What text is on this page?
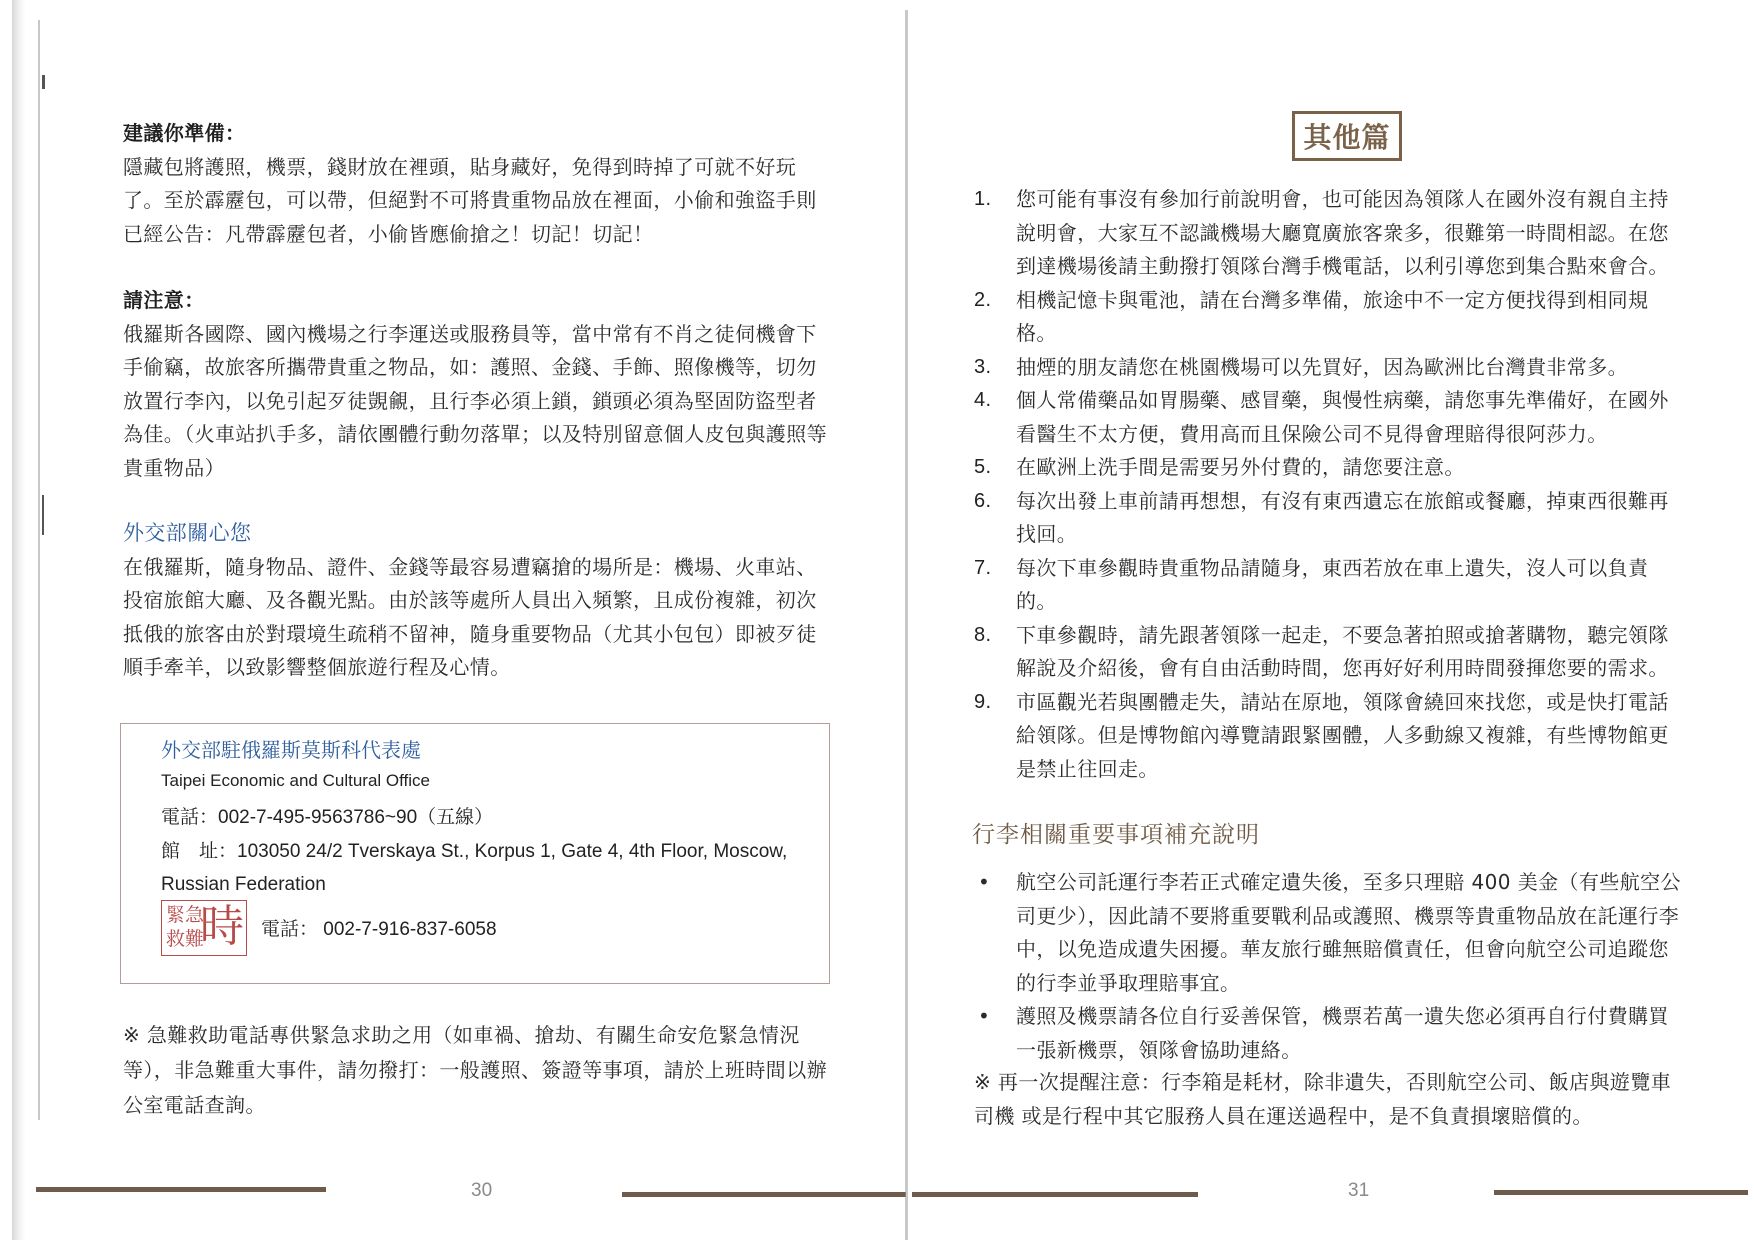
建議你準備：

隱藏包將護照，機票，錢財放在裡頭，貼身藏好，免得到時掉了可就不好玩了。至於霹靂包，可以帶，但絕對不可將貴重物品放在裡面，小偷和強盜手則已經公告：凡帶霹靂包者，小偷皆應偷搶之！切記！切記！

請注意：

俄羅斯各國際、國內機場之行李運送或服務員等，當中常有不肖之徒伺機會下手偷竊，故旅客所攜帶貴重之物品，如：護照、金錢、手飾、照像機等，切勿放置行李內，以免引起歹徒覬覦，且行李必須上鎖，鎖頭必須為堅固防盜型者為佳。（火車站扒手多，請依團體行動勿落單；以及特別留意個人皮包與護照等貴重物品）

外交部關心您

在俄羅斯，隨身物品、證件、金錢等最容易遭竊搶的場所是：機場、火車站、投宿旅館大廳、及各觀光點。由於該等處所人員出入頻繁，且成份複雜，初次抵俄的旅客由於對環境生疏稍不留神，隨身重要物品（尤其小包包）即被歹徒順手牽羊，以致影響整個旅遊行程及心情。

外交部駐俄羅斯莫斯科代表處
Taipei Economic and Cultural Office
電話：002-7-495-9563786~90（五線）
館　址：103050 24/2 Tverskaya St., Korpus 1, Gate 4, 4th Floor, Moscow,
Russian Federation
緊急救難
時 電話： 002-7-916-837-6058
※ 急難救助電話專供緊急求助之用（如車禍、搶劫、有關生命安危緊急情況等），非急難重大事件，請勿撥打：一般護照、簽證等事項，請於上班時間以辦公室電話查詢。
30
其他篇
1. 您可能有事沒有參加行前說明會，也可能因為領隊人在國外沒有親自主持說明會，大家互不認識機場大廳寬廣旅客衆多，很難第一時間相認。在您到達機場後請主動撥打領隊台灣手機電話，以利引導您到集合點來會合。
2. 相機記憶卡與電池，請在台灣多準備，旅途中不一定方便找得到相同規格。
3. 抽煙的朋友請您在桃園機場可以先買好，因為歐洲比台灣貴非常多。
4. 個人常備藥品如胃腸藥、感冒藥，與慢性病藥，請您事先準備好，在國外看醫生不太方便，費用高而且保險公司不見得會理賠得很阿莎力。
5. 在歐洲上洗手間是需要另外付費的，請您要注意。
6. 每次出發上車前請再想想，有沒有東西遺忘在旅館或餐廳，掉東西很難再找回。
7. 每次下車參觀時貴重物品請隨身，東西若放在車上遺失，沒人可以負責的。
8. 下車參觀時，請先跟著領隊一起走，不要急著拍照或搶著購物，聽完領隊解說及介紹後，會有自由活動時間，您再好好利用時間發揮您要的需求。
9. 市區觀光若與團體走失，請站在原地，領隊會繞回來找您，或是快打電話給領隊。但是博物館內導覽請跟緊團體，人多動線又複雜，有些博物館更是禁止往回走。
行李相關重要事項補充說明
• 航空公司託運行李若正式確定遺失後，至多只理賠 400 美金（有些航空公司更少），因此請不要將重要戰利品或護照、機票等貴重物品放在託運行李中，以免造成遺失困擾。華友旅行雖無賠償責任，但會向航空公司追蹤您的行李並爭取理賠事宜。
• 護照及機票請各位自行妥善保管，機票若萬一遺失您必須再自行付費購買一張新機票，領隊會協助連絡。
※ 再一次提醒注意：行李箱是耗材，除非遺失，否則航空公司、飯店與遊覽車司機 或是行程中其它服務人員在運送過程中，是不負責損壞賠償的。
31
